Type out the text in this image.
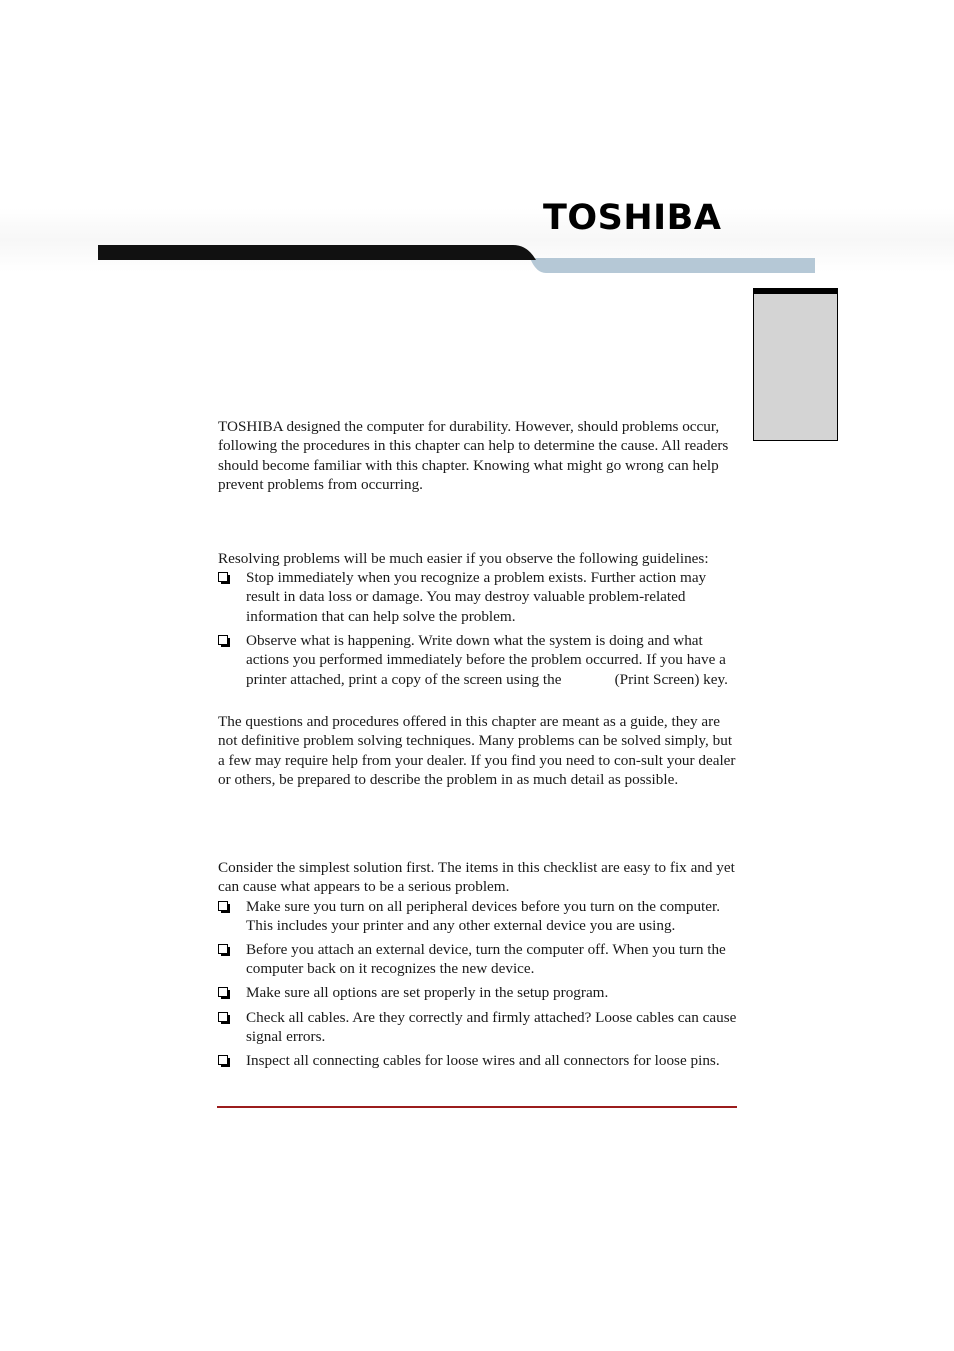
TOSHIBA

TOSHIBA designed the computer for durability. However, should problems occur, following the procedures in this chapter can help to determine the cause. All readers should become familiar with this chapter. Knowing what might go wrong can help prevent problems from occurring.

Resolving problems will be much easier if you observe the following guidelines:

Stop immediately when you recognize a problem exists. Further action may result in data loss or damage. You may destroy valuable problem-related information that can help solve the problem.
Observe what is happening. Write down what the system is doing and what actions you performed immediately before the problem occurred. If you have a printer attached, print a copy of the screen using the              (Print Screen) key.

The questions and procedures offered in this chapter are meant as a guide, they are not definitive problem solving techniques. Many problems can be solved simply, but a few may require help from your dealer. If you find you need to con-sult your dealer or others, be prepared to describe the problem in as much detail as possible.

Consider the simplest solution first. The items in this checklist are easy to fix and yet can cause what appears to be a serious problem.

Make sure you turn on all peripheral devices before you turn on the computer. This includes your printer and any other external device you are using.
Before you attach an external device, turn the computer off. When you turn the computer back on it recognizes the new device.
Make sure all options are set properly in the setup program.
Check all cables. Are they correctly and firmly attached? Loose cables can cause signal errors.
Inspect all connecting cables for loose wires and all connectors for loose pins.
